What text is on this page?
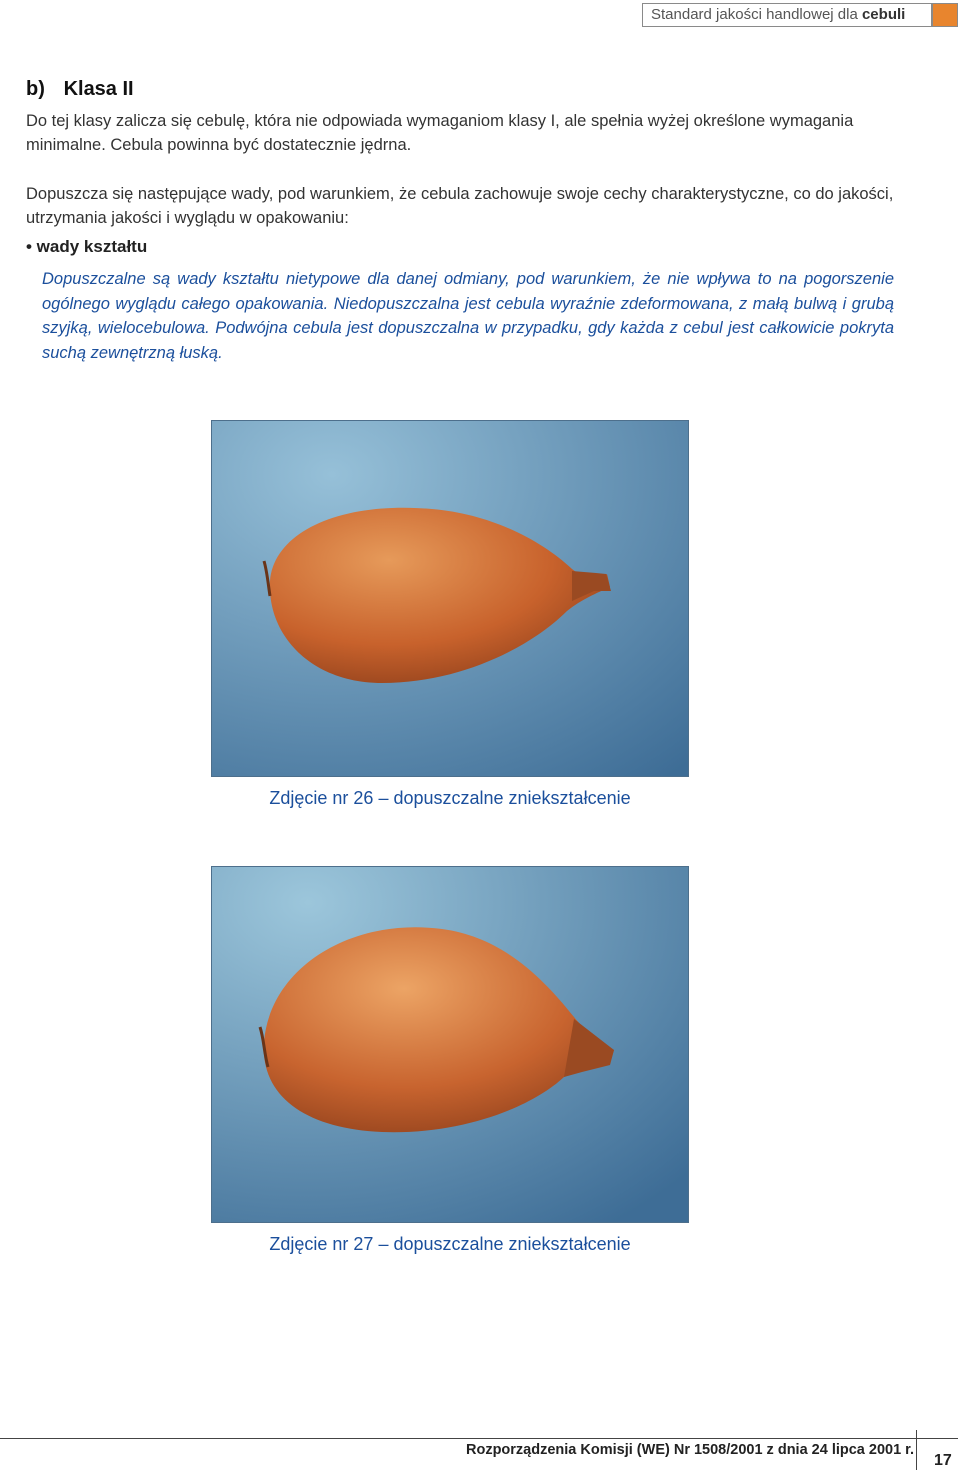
Standard jakości handlowej dla cebuli
b) Klasa II

Do tej klasy zalicza się cebulę, która nie odpowiada wymaganiom klasy I, ale spełnia wyżej określone wymagania minimalne. Cebula powinna być dostatecznie jędrna.

Dopuszcza się następujące wady, pod warunkiem, że cebula zachowuje swoje cechy charakterystyczne, co do jakości, utrzymania jakości i wyglądu w opakowaniu:

• wady kształtu

Dopuszczalne są wady kształtu nietypowe dla danej odmiany, pod warunkiem, że nie wpływa to na pogorszenie ogólnego wyglądu całego opakowania. Niedopuszczalna jest cebula wyraźnie zdeformowana, z małą bulwą i grubą szyjką, wielocebulowa. Podwójna cebula jest dopuszczalna w przypadku, gdy każda z cebul jest całkowicie pokryta suchą zewnętrzną łuską.

Zdjęcie nr 26 – dopuszczalne zniekształcenie
Zdjęcie nr 27 – dopuszczalne zniekształcenie
Rozporządzenia Komisji (WE) Nr 1508/2001 z dnia 24 lipca 2001 r.
17
